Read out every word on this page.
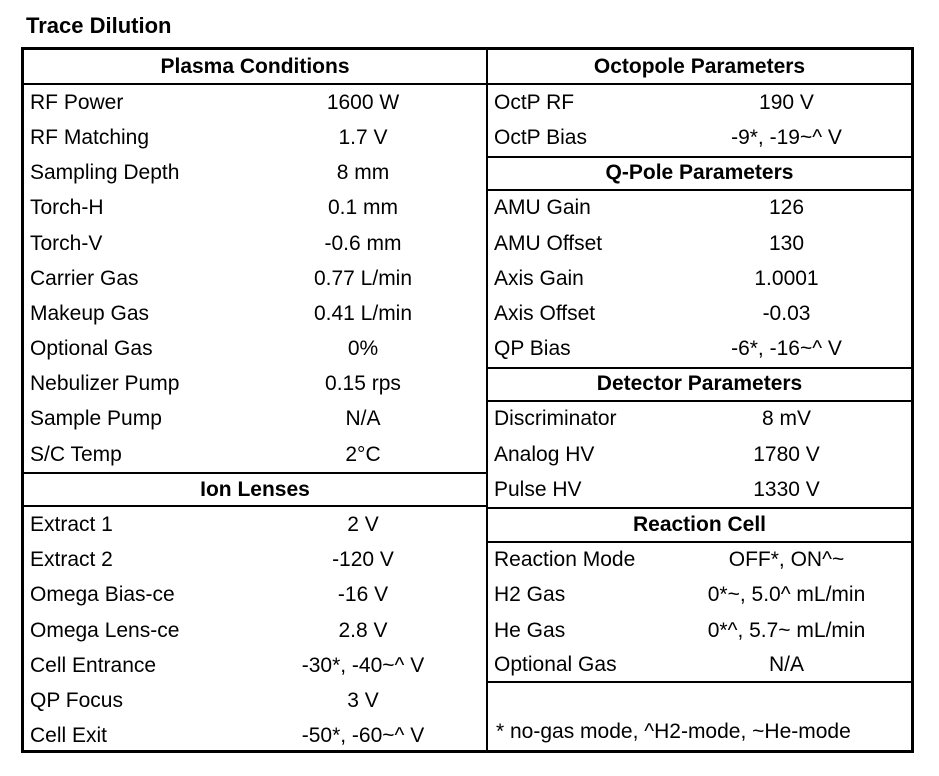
Trace Dilution
Plasma Conditions
RF Power	1600 W
RF Matching	1.7 V
Sampling Depth	8 mm
Torch-H	0.1 mm
Torch-V	-0.6 mm
Carrier Gas	0.77 L/min
Makeup Gas	0.41 L/min
Optional Gas	0%
Nebulizer Pump	0.15 rps
Sample Pump	N/A
S/C Temp	2°C
Ion Lenses
Extract 1	2 V
Extract 2	-120 V
Omega Bias-ce	-16 V
Omega Lens-ce	2.8 V
Cell Entrance	-30*, -40~^ V
QP Focus	3 V
Cell Exit	-50*, -60~^ V
Octopole Parameters
OctP RF	190 V
OctP Bias	-9*, -19~^ V
Q-Pole Parameters
AMU Gain	126
AMU Offset	130
Axis Gain	1.0001
Axis Offset	-0.03
QP Bias	-6*, -16~^ V
Detector Parameters
Discriminator	8 mV
Analog HV	1780 V
Pulse HV	1330 V
Reaction Cell
Reaction Mode	OFF*, ON^~
H2 Gas	0*~, 5.0^ mL/min
He Gas	0*^, 5.7~ mL/min
Optional Gas	N/A
* no-gas mode, ^H2-mode, ~He-mode
